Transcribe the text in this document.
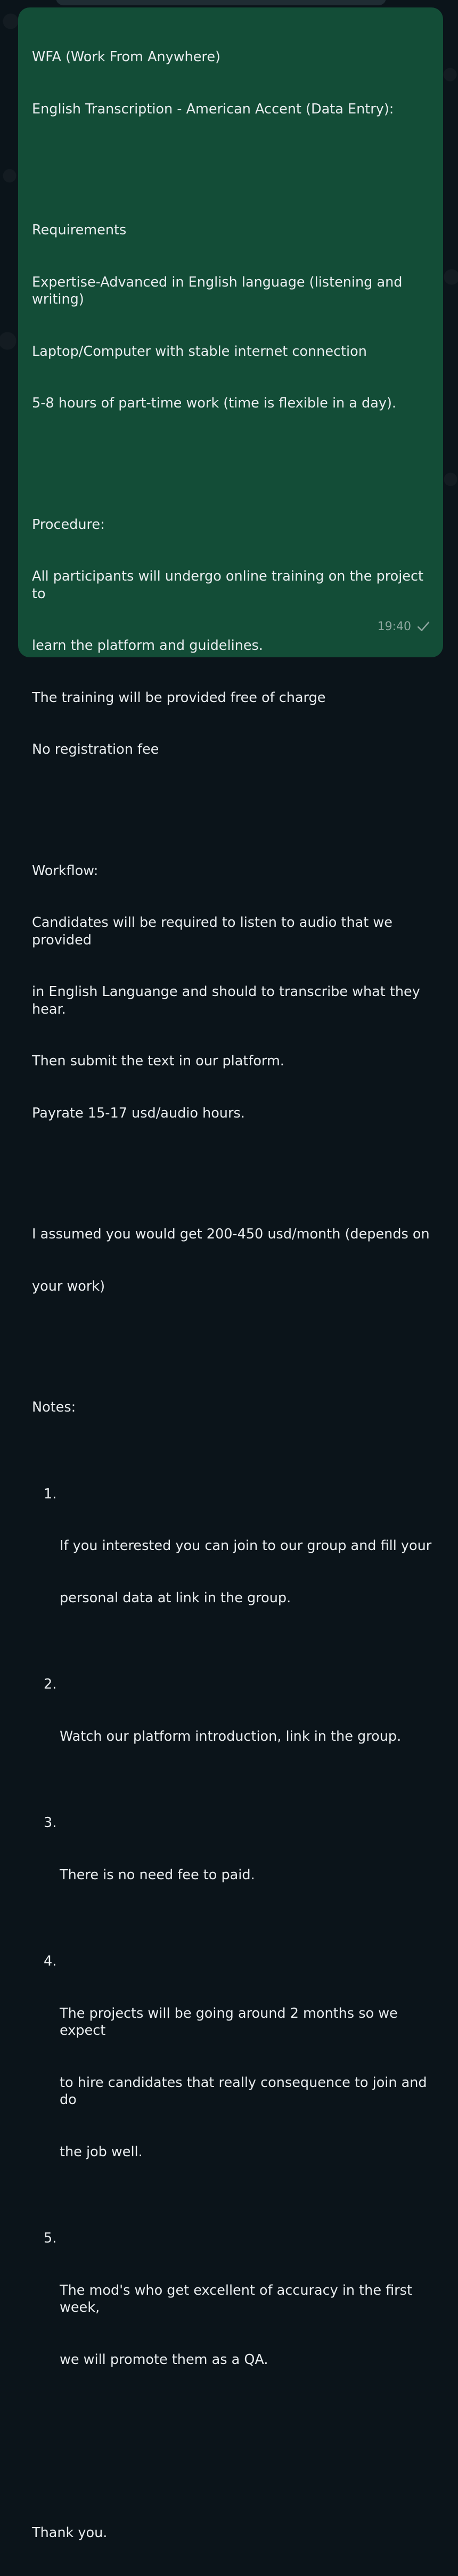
WFA (Work From Anywhere)

English Transcription - American Accent (Data Entry):

Requirements

Expertise-Advanced in English language (listening and writing)

Laptop/Computer with stable internet connection

5-8 hours of part-time work (time is flexible in a day).

Procedure:

All participants will undergo online training on the project to

learn the platform and guidelines.

The training will be provided free of charge

No registration fee

Workflow:

Candidates will be required to listen to audio that we provided

in English Languange and should to transcribe what they hear.

Then submit the text in our platform.

Payrate 15-17 usd/audio hours.

I assumed you would get 200-450 usd/month (depends on

your work)

Notes:

1.

If you interested you can join to our group and fill your

personal data at link in the group.

2.

Watch our platform introduction, link in the group.

3.

There is no need fee to paid.

4.

The projects will be going around 2 months so we expect

to hire candidates that really consequence to join and do

the job well.

5.

The mod's who get excellent of accuracy in the first week,

we will promote them as a QA.

Thank you.

19:40
